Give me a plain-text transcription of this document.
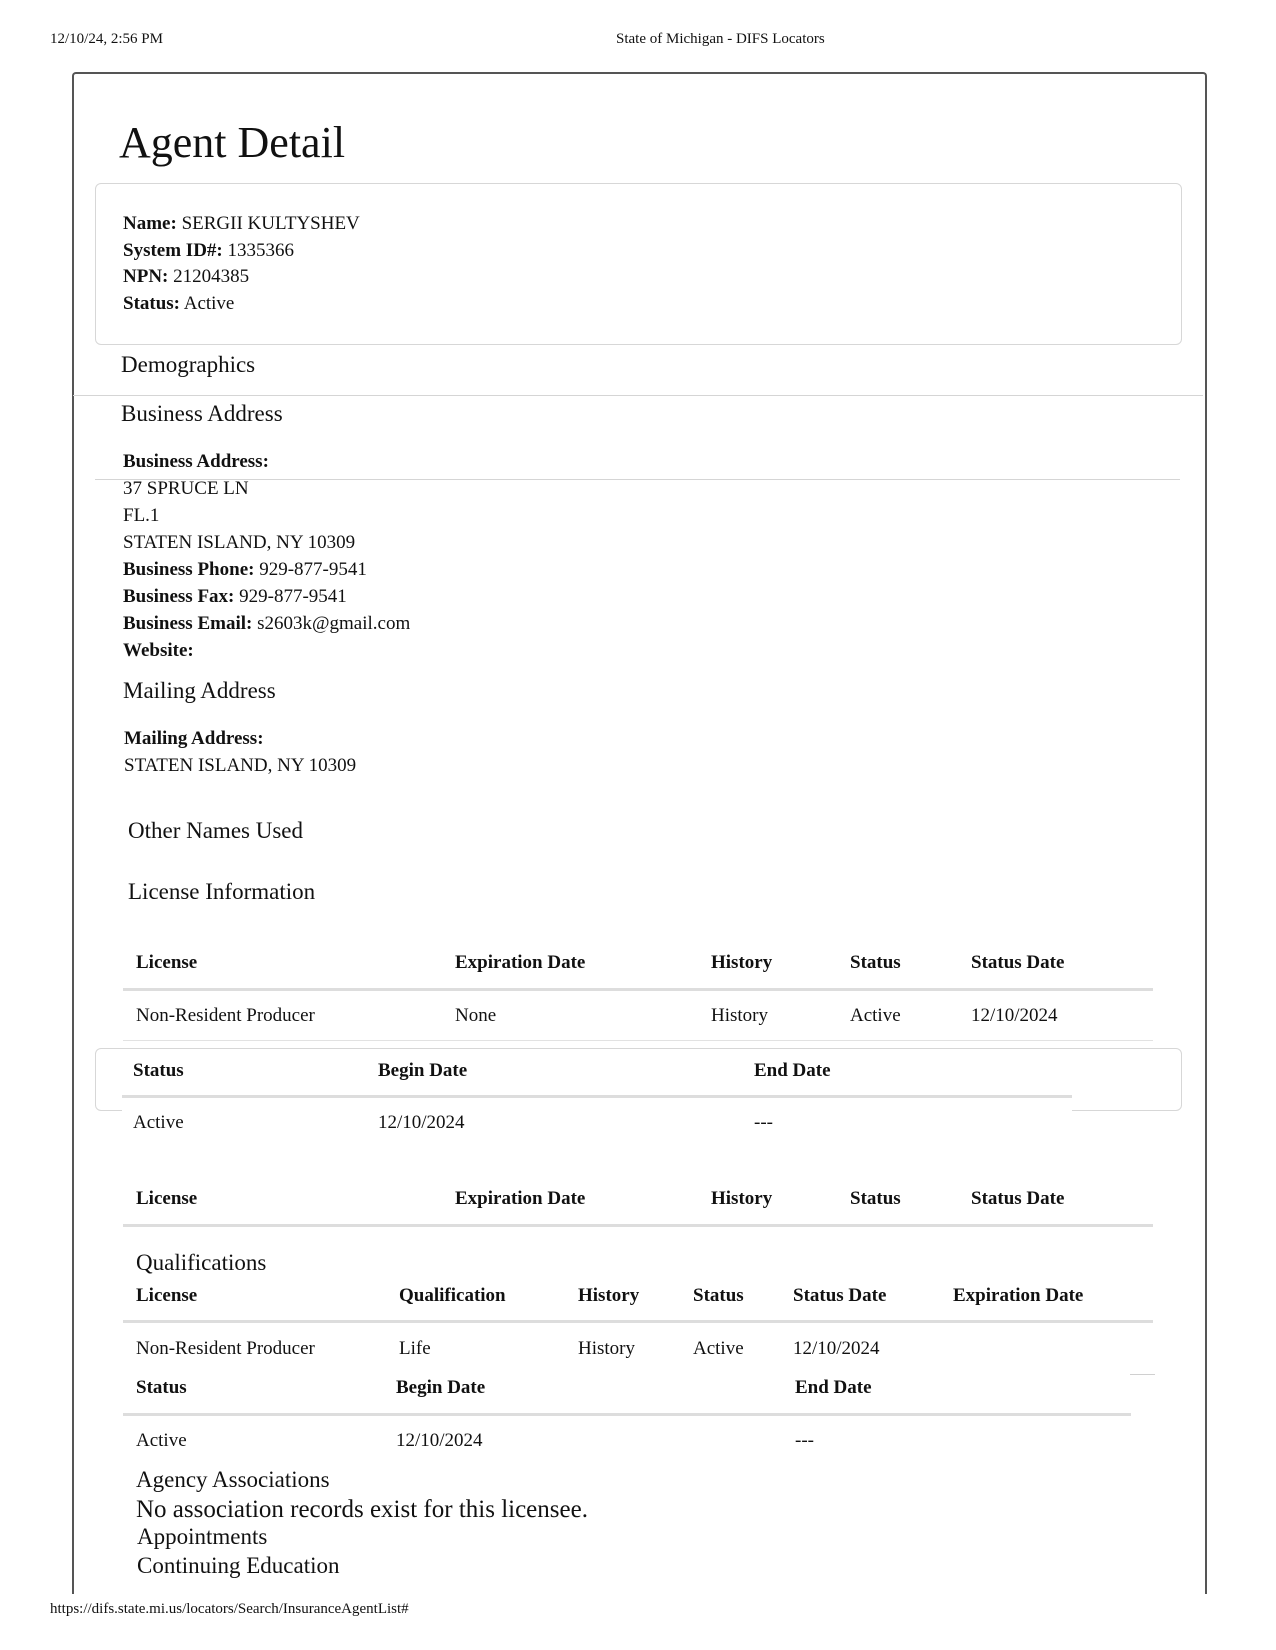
12/10/24, 2:56 PM	State of Michigan - DIFS Locators
https://difs.state.mi.us/locators/Search/InsuranceAgentList#
Agent Detail
Name: SERGII KULTYSHEV
System ID#: 1335366
NPN: 21204385
Status: Active
Demographics
Business Address
Business Address:
37 SPRUCE LN
FL.1
STATEN ISLAND, NY 10309
Business Phone: 929-877-9541
Business Fax: 929-877-9541
Business Email: s2603k@gmail.com
Website:
Mailing Address
Mailing Address:
STATEN ISLAND, NY 10309
Other Names Used
License Information
License	Expiration Date	History	Status	Status Date
Non-Resident Producer	None	History	Active	12/10/2024
Status	Begin Date	End Date
Active	12/10/2024	---
License	Expiration Date	History	Status	Status Date
Qualifications
License	Qualification	History	Status	Status Date	Expiration Date
Non-Resident Producer	Life	History	Active	12/10/2024
Status	Begin Date	End Date
Active	12/10/2024	---
Agency Associations
No association records exist for this licensee.
Appointments
Continuing Education
